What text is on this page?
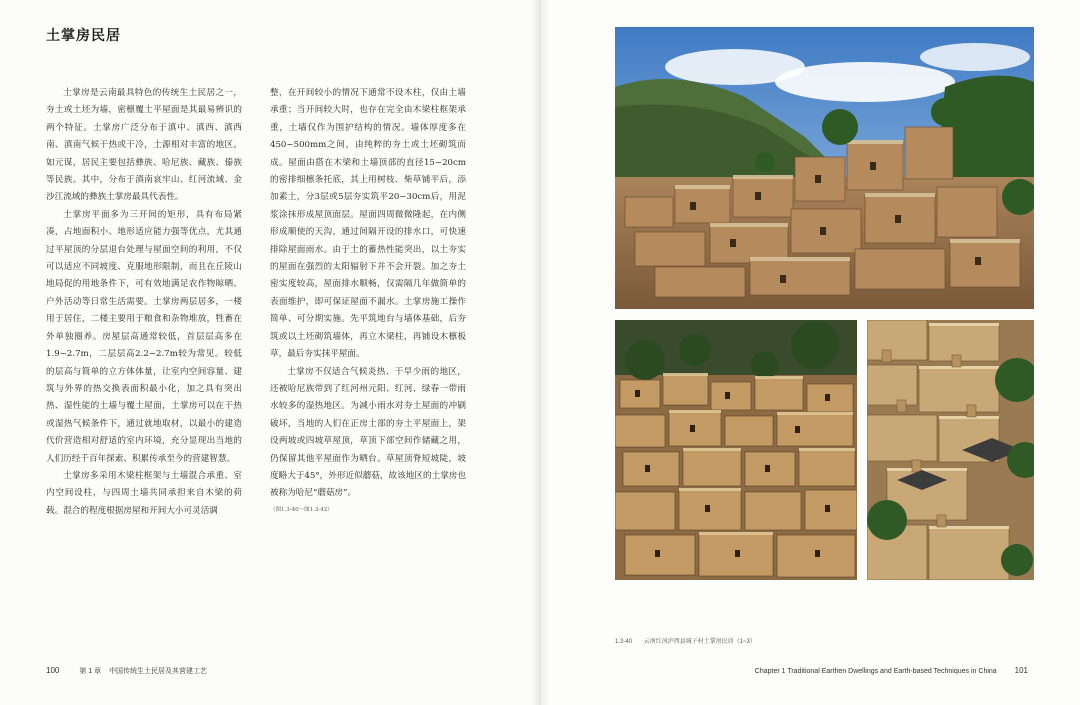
土掌房民居

土掌房是云南最具特色的传统生土民居之一，夯土或土坯为墙，密檩覆土平屋面是其最易辨识的两个特征。土掌房广泛分布于滇中、滇西、滇西南、滇南气候干热或干冷，土源相对丰富的地区。如元谋，居民主要包括彝族、哈尼族、藏族、傣族等民族。其中，分布于滇南哀牢山、红河流域、金沙江流域的彝族土掌房最具代表性。

土掌房平面多为三开间的矩形，具有布局紧凑，占地面积小、地形适应能力强等优点，尤其通过平屋顶的分层退台处理与屋面空间的利用，不仅可以适应不同坡度、克服地形限制，而且在丘陵山地局促的用地条件下，可有效地满足农作物晾晒、户外活动等日常生活需要。土掌房两层居多，一楼用于居住，二楼主要用于粮食和杂物堆放，牲畜在外单独圈养。房屋层高通常较低，首层层高多在1.9~2.7m，二层层高2.2~2.7m较为常见。较低的层高与简单的立方体体量，让室内空间容量、建筑与外界的热交换表面积最小化，加之具有突出热、湿性能的土墙与覆土屋面，土掌房可以在干热或湿热气候条件下，通过就地取材，以最小的建造代价营造相对舒适的室内环境，充分显现出当地的人们历经千百年探索、积累传承至今的营建智慧。

土掌房多采用木梁柱框架与土墙混合承重、室内空间设柱，与四周土墙共同承担来自木梁的荷载。混合的程度根据房屋和开间大小可灵活调

整，在开间较小的情况下通常不设木柱，仅由土墙承重；当开间较大时，也存在完全由木梁柱框架承重，土墙仅作为围护结构的情况。墙体厚度多在450~500mm之间，由纯粹的夯土或土坯砌筑而成。屋面由搭在木梁和土墙顶部的直径15~20cm的密排细檩条托底，其上用树枝、柴草铺平后，添加素土，分3层或5层夯实筑平20~30cm后，用泥浆涂抹形成屋顶面层。屋面四周微微隆起，在内侧形成顺使的天沟，通过间隔开设的排水口，可快速排除屋面雨水。由于土的蓄热性能突出，以土夯实的屋面在强烈的太阳辐射下并不会开裂。加之夯土密实度较高，屋面排水顺畅，仅需隔几年做简单的表面维护，即可保证屋面不漏水。土掌房施工操作简单、可分期实施。先平筑地台与墙体基础，后夯筑或以土坯砌筑墙体，再立木梁柱，再铺设木檩板草，最后夯实抹平屋面。

土掌房不仅适合气候炎热、干旱少雨的地区，还被哈尼族带到了红河州元阳、红河、绿春一带雨水较多的湿热地区。为减小雨水对夯土屋面的冲刷破坏，当地的人们在正房土部的夯土平屋面上，架设两坡或四坡草屋顶，草顶下部空间作储藏之用，仍保留其他平屋面作为晒台。草屋顶脊短坡陡，坡度略大于45°，外形近似蘑菇，故该地区的土掌房也被称为哈尼“蘑菇房”。

（图1.3-40～图1.3-42）
100	第 1 章 中国传统生土民居及其营建工艺
1.3-40 云南红河泸西县城子村土掌房民居（1~3）
Chapter 1 Traditional Earthen Dwellings and Earth-based Techniques in China 101
